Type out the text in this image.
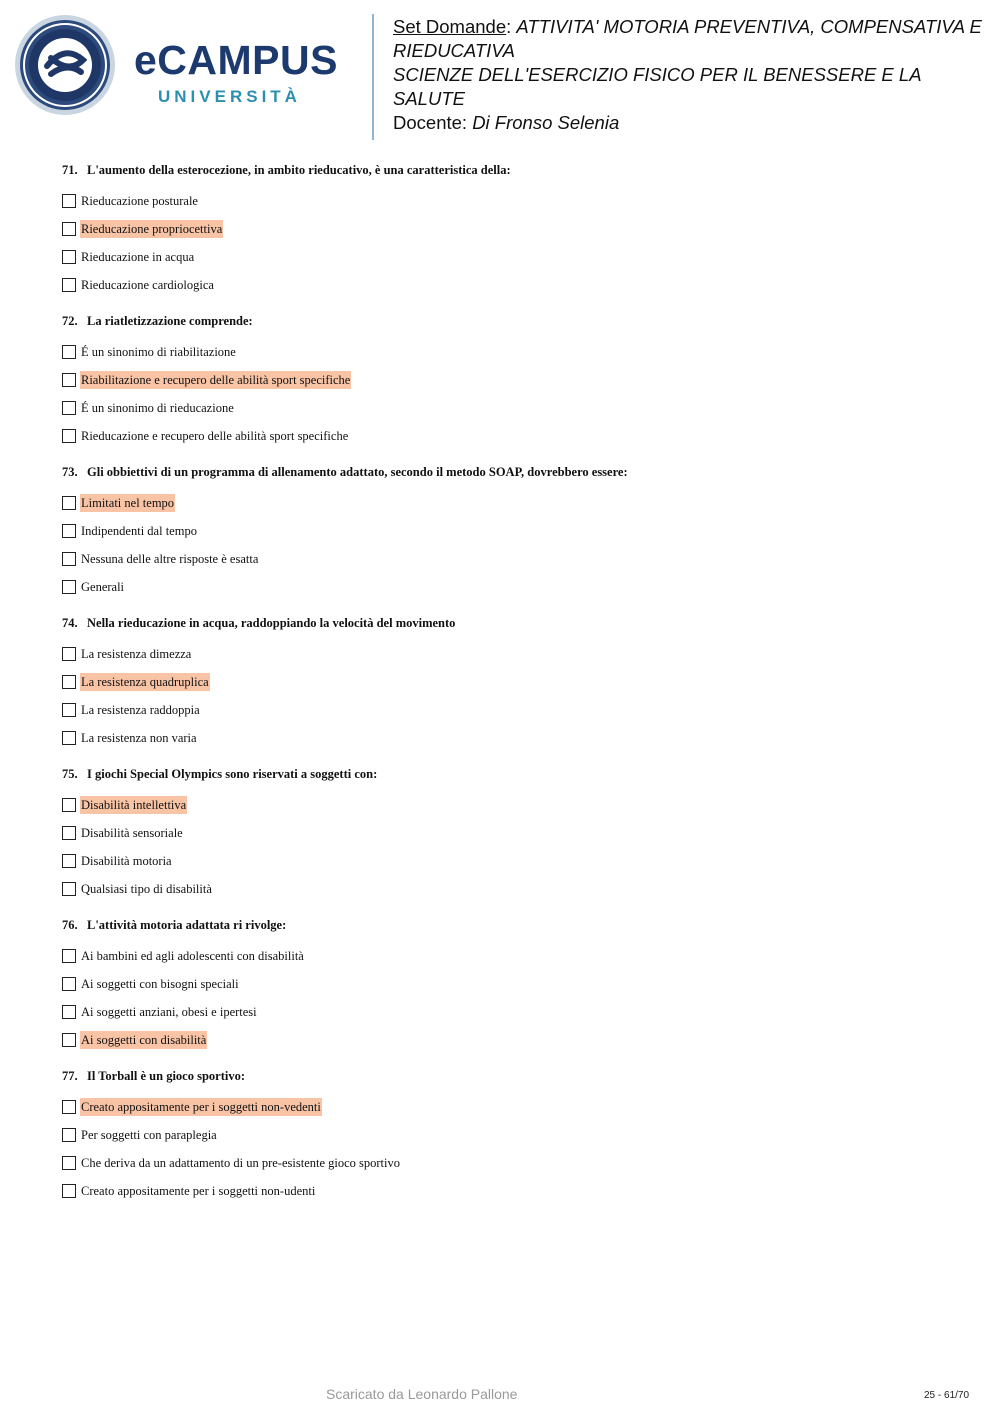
eCAMPUS
UNIVERSITÀ
Set Domande: ATTIVITA' MOTORIA PREVENTIVA, COMPENSATIVA E
RIEDUCATIVA
SCIENZE DELL'ESERCIZIO FISICO PER IL BENESSERE E LA
SALUTE
Docente: Di Fronso Selenia
71. L'aumento della esterocezione, in ambito rieducativo, è una caratteristica della:
Rieducazione posturale
Rieducazione propriocettiva
Rieducazione in acqua
Rieducazione cardiologica
72. La riatletizzazione comprende:
É un sinonimo di riabilitazione
Riabilitazione e recupero delle abilità sport specifiche
É un sinonimo di rieducazione
Rieducazione e recupero delle abilità sport specifiche
73. Gli obbiettivi di un programma di allenamento adattato, secondo il metodo SOAP, dovrebbero essere:
Limitati nel tempo
Indipendenti dal tempo
Nessuna delle altre risposte è esatta
Generali
74. Nella rieducazione in acqua, raddoppiando la velocità del movimento
La resistenza dimezza
La resistenza quadruplica
La resistenza raddoppia
La resistenza non varia
75. I giochi Special Olympics sono riservati a soggetti con:
Disabilità intellettiva
Disabilità sensoriale
Disabilità motoria
Qualsiasi tipo di disabilità
76. L'attività motoria adattata ri rivolge:
Ai bambini ed agli adolescenti con disabilità
Ai soggetti con bisogni speciali
Ai soggetti anziani, obesi e ipertesi
Ai soggetti con disabilità
77. Il Torball è un gioco sportivo:
Creato appositamente per i soggetti non-vedenti
Per soggetti con paraplegia
Che deriva da un adattamento di un pre-esistente gioco sportivo
Creato appositamente per i soggetti non-udenti
Scaricato da Leonardo Pallone	25 - 61/70
